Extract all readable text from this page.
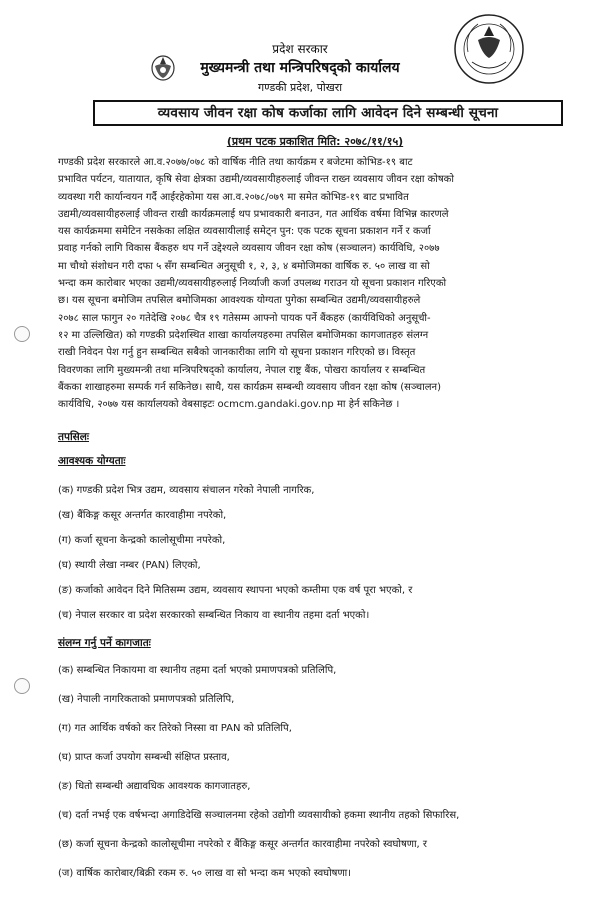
प्रदेश सरकार
मुख्यमन्त्री तथा मन्त्रिपरिषद्को कार्यालय
गण्डकी प्रदेश, पोखरा
व्यवसाय जीवन रक्षा कोष कर्जाका लागि आवेदन दिने सम्बन्धी सूचना
(प्रथम पटक प्रकाशित मिति: २०७८/११/१५)
गण्डकी प्रदेश सरकारले आ.व.२०७७/०७८ को वार्षिक नीति तथा कार्यक्रम र बजेटमा कोभिड-१९ बाट
प्रभावित पर्यटन, यातायात, कृषि सेवा क्षेत्रका उद्यमी/व्यवसायीहरुलाई जीवन्त राख्न व्यवसाय जीवन रक्षा कोषको
व्यवस्था गरी कार्यान्वयन गर्दै आईरहेकोमा यस आ.व.२०७८/०७९ मा समेत कोभिड-१९ बाट प्रभावित
उद्यमी/व्यवसायीहरुलाई जीवन्त राखी कार्यक्रमलाई थप प्रभावकारी बनाउन, गत आर्थिक वर्षमा विभिन्न कारणले
यस कार्यक्रममा समेटिन नसकेका लक्षित व्यवसायीलाई समेट्न पुन: एक पटक सूचना प्रकाशन गर्ने र कर्जा
प्रवाह गर्नको लागि विकास बैंकहरु थप गर्ने उद्देश्यले व्यवसाय जीवन रक्षा कोष (सञ्चालन) कार्यविधि, २०७७
मा चौथो संशोधन गरी दफा ५ सँग सम्बन्धित अनुसूची १, २, ३, ४ बमोजिमका वार्षिक रु. ५० लाख वा सो
भन्दा कम कारोबार भएका उद्यमी/व्यवसायीहरुलाई निर्व्याजी कर्जा उपलब्ध गराउन यो सूचना प्रकाशन गरिएको
छ। यस सूचना बमोजिम तपसिल बमोजिमका आवश्यक योग्यता पुगेका सम्बन्धित उद्यमी/व्यवसायीहरुले
२०७८ साल फागुन २० गतेदेखि २०७८ चैत्र १९ गतेसम्म आफ्नो पायक पर्ने बैंकहरु (कार्यविधिको अनुसूची-
१२ मा उल्लिखित) को गण्डकी प्रदेशस्थित शाखा कार्यालयहरुमा तपसिल बमोजिमका कागजातहरु संलग्न
राखी निवेदन पेश गर्नु हुन सम्बन्धित सबैको जानकारीका लागि यो सूचना प्रकाशन गरिएको छ। विस्तृत
विवरणका लागि मुख्यमन्त्री तथा मन्त्रिपरिषद्को कार्यालय, नेपाल राष्ट्र बैंक, पोखरा कार्यालय र सम्बन्धित
बैंकका शाखाहरुमा सम्पर्क गर्न सकिनेछ। साथै, यस कार्यक्रम सम्बन्धी व्यवसाय जीवन रक्षा कोष (सञ्चालन)
कार्यविधि, २०७७ यस कार्यालयको वेबसाइटः ocmcm.gandaki.gov.np मा हेर्न सकिनेछ ।
तपसिलः
आवश्यक योग्यताः
(क) गण्डकी प्रदेश भित्र उद्यम, व्यवसाय संचालन गरेको नेपाली नागरिक,
(ख) बैंकिङ्ग कसूर अन्तर्गत कारवाहीमा नपरेको,
(ग) कर्जा सूचना केन्द्रको कालोसूचीमा नपरेको,
(घ) स्थायी लेखा नम्बर (PAN) लिएको,
(ङ) कर्जाको आवेदन दिने मितिसम्म उद्यम, व्यवसाय स्थापना भएको कम्तीमा एक वर्ष पूरा भएको, र
(च) नेपाल सरकार वा प्रदेश सरकारको सम्बन्धित निकाय वा स्थानीय तहमा दर्ता भएको।
संलग्न गर्नु पर्ने कागजातः
(क) सम्बन्धित निकायमा वा स्थानीय तहमा दर्ता भएको प्रमाणपत्रको प्रतिलिपि,
(ख) नेपाली नागरिकताको प्रमाणपत्रको प्रतिलिपि,
(ग) गत आर्थिक वर्षको कर तिरेको निस्सा वा PAN को प्रतिलिपि,
(घ) प्राप्त कर्जा उपयोग सम्बन्धी संक्षिप्त प्रस्ताव,
(ङ) धितो सम्बन्धी अद्यावधिक आवश्यक कागजातहरु,
(च) दर्ता नभई एक वर्षभन्दा अगाडिदेखि सञ्चालनमा रहेको उद्योगी व्यवसायीको हकमा स्थानीय तहको सिफारिस,
(छ) कर्जा सूचना केन्द्रको कालोसूचीमा नपरेको र बैंकिङ्ग कसूर अन्तर्गत कारवाहीमा नपरेको स्वघोषणा, र
(ज) वार्षिक कारोबार/बिक्री रकम रु. ५० लाख वा सो भन्दा कम भएको स्वघोषणा।
